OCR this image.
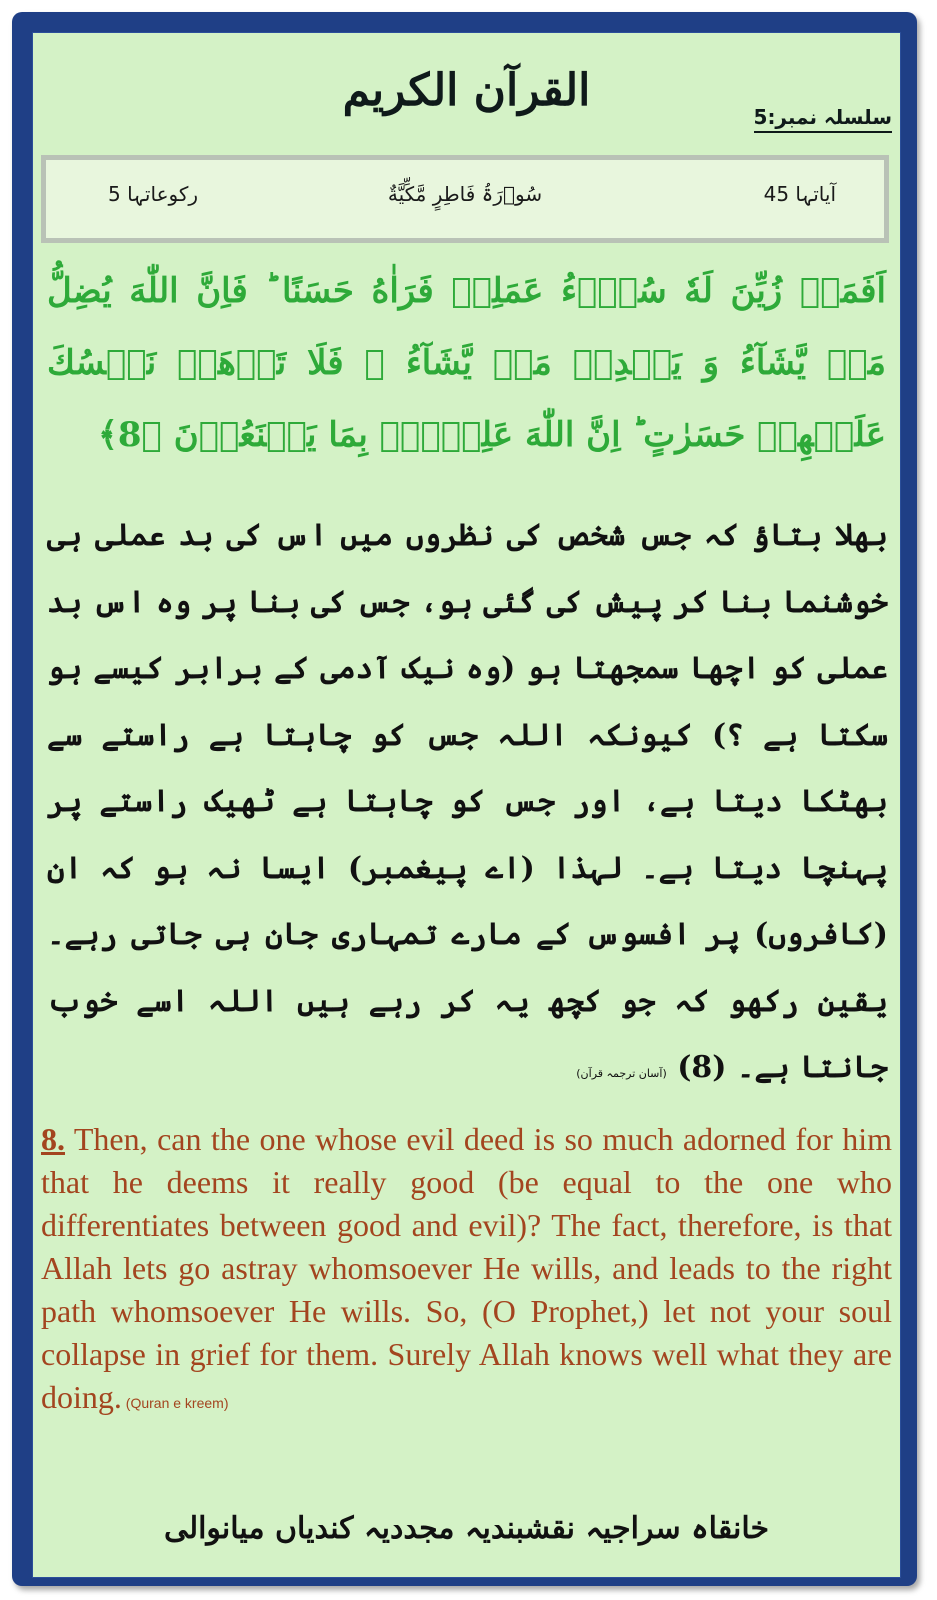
القرآن الکریم
سلسلہ نمبر:5
آیاتہا 45
سُوۡرَۃُ فَاطِرٍ مَّكِّيَّةٌ
رکوعاتہا 5
اَفَمَنۡ زُيِّنَ لَهٗ سُوۡٓءُ عَمَلِهٖ فَرَاٰهُ حَسَنًا ؕ فَاِنَّ اللّٰهَ يُضِلُّ مَنۡ يَّشَآءُ وَ يَهۡدِىۡ مَنۡ يَّشَآءُ ۖ فَلَا تَذۡهَبۡ نَفۡسُكَ عَلَيۡهِمۡ حَسَرٰتٍ ؕ اِنَّ اللّٰهَ عَلِيۡمٌۢ بِمَا يَصۡنَعُوۡنَ ﴿8﴾
بھلا بتاؤ کہ جس شخص کی نظروں میں اس کی بد عملی ہی خوشنما بنا کر پیش کی گئی ہو، جس کی بنا پر وہ اس بد عملی کو اچھا سمجھتا ہو (وہ نیک آدمی کے برابر کیسے ہو سکتا ہے ؟) کیونکہ اللہ جس کو چاہتا ہے راستے سے بھٹکا دیتا ہے، اور جس کو چاہتا ہے ٹھیک راستے پر پہنچا دیتا ہے۔ لہذا (اے پیغمبر) ایسا نہ ہو کہ ان (کافروں) پر افسوس کے مارے تمہاری جان ہی جاتی رہے۔ یقین رکھو کہ جو کچھ یہ کر رہے ہیں اللہ اسے خوب جانتا ہے۔ (8) (آسان ترجمہ قرآن)
8. Then, can the one whose evil deed is so much adorned for him that he deems it really good (be equal to the one who differentiates between good and evil)? The fact, therefore, is that Allah lets go astray whomsoever He wills, and leads to the right path whomsoever He wills. So, (O Prophet,) let not your soul collapse in grief for them. Surely Allah knows well what they are doing. (Quran e kreem)
خانقاہ سراجیہ نقشبندیہ مجددیہ کندیاں میانوالی
